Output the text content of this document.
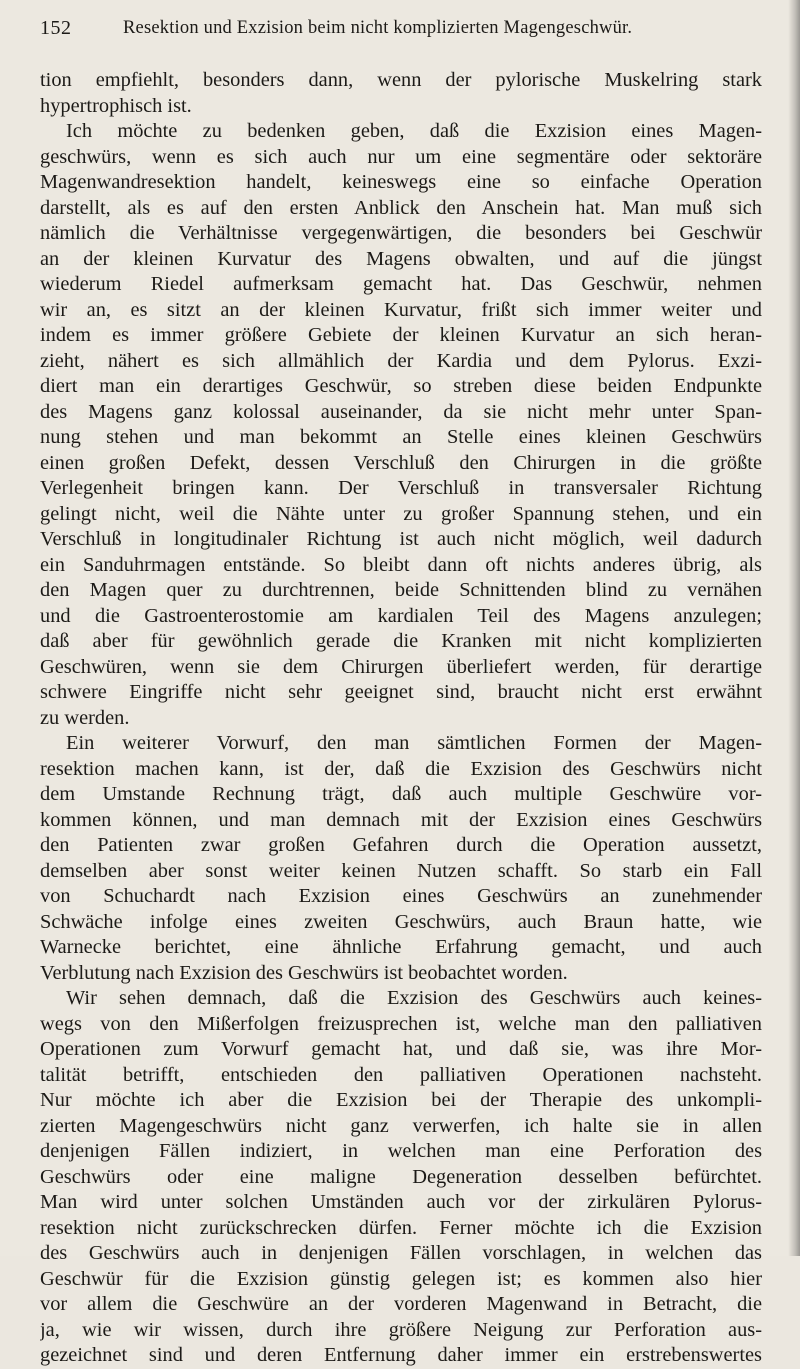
152	Resektion und Exzision beim nicht komplizierten Magengeschwür.
tion empfiehlt, besonders dann, wenn der pylorische Muskelring stark
hypertrophisch ist.
Ich möchte zu bedenken geben, daß die Exzision eines Magen-
geschwürs, wenn es sich auch nur um eine segmentäre oder sektoräre
Magenwandresektion handelt, keineswegs eine so einfache Operation
darstellt, als es auf den ersten Anblick den Anschein hat. Man muß sich
nämlich die Verhältnisse vergegenwärtigen, die besonders bei Geschwür
an der kleinen Kurvatur des Magens obwalten, und auf die jüngst
wiederum Riedel aufmerksam gemacht hat. Das Geschwür, nehmen
wir an, es sitzt an der kleinen Kurvatur, frißt sich immer weiter und
indem es immer größere Gebiete der kleinen Kurvatur an sich heran-
zieht, nähert es sich allmählich der Kardia und dem Pylorus. Exzi-
diert man ein derartiges Geschwür, so streben diese beiden Endpunkte
des Magens ganz kolossal auseinander, da sie nicht mehr unter Span-
nung stehen und man bekommt an Stelle eines kleinen Geschwürs
einen großen Defekt, dessen Verschluß den Chirurgen in die größte
Verlegenheit bringen kann. Der Verschluß in transversaler Richtung
gelingt nicht, weil die Nähte unter zu großer Spannung stehen, und ein
Verschluß in longitudinaler Richtung ist auch nicht möglich, weil dadurch
ein Sanduhrmagen entstände. So bleibt dann oft nichts anderes übrig, als
den Magen quer zu durchtrennen, beide Schnittenden blind zu vernähen
und die Gastroenterostomie am kardialen Teil des Magens anzulegen;
daß aber für gewöhnlich gerade die Kranken mit nicht komplizierten
Geschwüren, wenn sie dem Chirurgen überliefert werden, für derartige
schwere Eingriffe nicht sehr geeignet sind, braucht nicht erst erwähnt
zu werden.
Ein weiterer Vorwurf, den man sämtlichen Formen der Magen-
resektion machen kann, ist der, daß die Exzision des Geschwürs nicht
dem Umstande Rechnung trägt, daß auch multiple Geschwüre vor-
kommen können, und man demnach mit der Exzision eines Geschwürs
den Patienten zwar großen Gefahren durch die Operation aussetzt,
demselben aber sonst weiter keinen Nutzen schafft. So starb ein Fall
von Schuchardt nach Exzision eines Geschwürs an zunehmender
Schwäche infolge eines zweiten Geschwürs, auch Braun hatte, wie
Warnecke berichtet, eine ähnliche Erfahrung gemacht, und auch
Verblutung nach Exzision des Geschwürs ist beobachtet worden.
Wir sehen demnach, daß die Exzision des Geschwürs auch keines-
wegs von den Mißerfolgen freizusprechen ist, welche man den palliativen
Operationen zum Vorwurf gemacht hat, und daß sie, was ihre Mor-
talität betrifft, entschieden den palliativen Operationen nachsteht.
Nur möchte ich aber die Exzision bei der Therapie des unkompli-
zierten Magengeschwürs nicht ganz verwerfen, ich halte sie in allen
denjenigen Fällen indiziert, in welchen man eine Perforation des
Geschwürs oder eine maligne Degeneration desselben befürchtet.
Man wird unter solchen Umständen auch vor der zirkulären Pylorus-
resektion nicht zurückschrecken dürfen. Ferner möchte ich die Exzision
des Geschwürs auch in denjenigen Fällen vorschlagen, in welchen das
Geschwür für die Exzision günstig gelegen ist; es kommen also hier
vor allem die Geschwüre an der vorderen Magenwand in Betracht, die
ja, wie wir wissen, durch ihre größere Neigung zur Perforation aus-
gezeichnet sind und deren Entfernung daher immer ein erstrebenswertes
